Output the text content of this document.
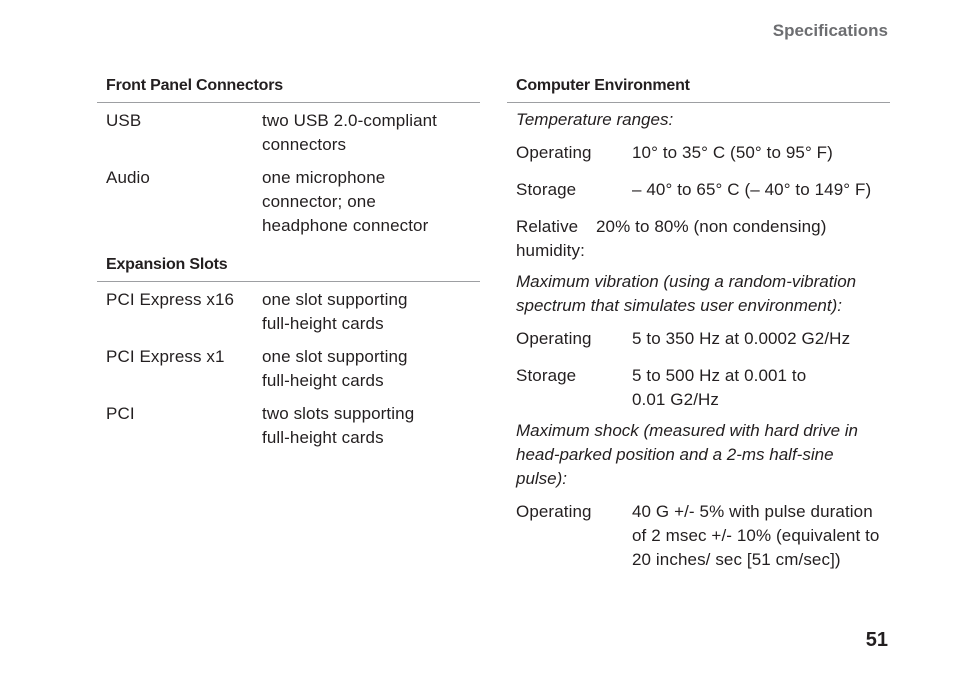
Specifications
Front Panel Connectors
USB	two USB 2.0-compliant connectors
Audio	one microphone connector; one headphone connector
Expansion Slots
PCI Express x16	one slot supporting full-height cards
PCI Express x1	one slot supporting full-height cards
PCI	two slots supporting full-height cards
Computer Environment
Temperature ranges:
Operating	10° to 35° C (50° to 95° F)
Storage	– 40° to 65° C (– 40° to 149° F)
Relative humidity:
20% to 80% (non condensing)
Maximum vibration (using a random-vibration spectrum that simulates user environment):
Operating	5 to 350 Hz at 0.0002 G2/Hz
Storage	5 to 500 Hz at 0.001 to 0.01 G2/Hz
Maximum shock (measured with hard drive in head-parked position and a 2-ms half-sine pulse):
Operating	40 G +/- 5% with pulse duration of 2 msec +/- 10% (equivalent to 20 inches/ sec [51 cm/sec])
51
